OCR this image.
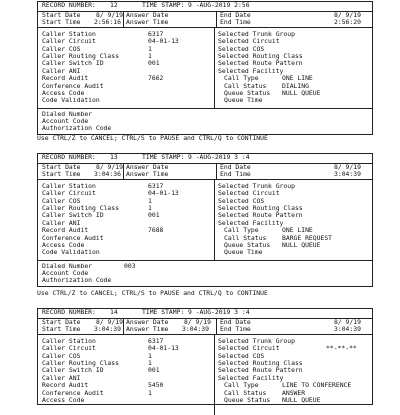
RECORD NUMBER: 12	TIME STAMP: 9 -AUG-2019 2:56
Start Date 8/ 9/19 Answer Date	End Date	8/ 9/19
Start Time 2:56:16 Answer Time	End Time	2:56:20
Caller Station	6317	Selected Trunk Group
Caller Circuit	04-01-13	Selected Circuit
Caller COS	1	Selected COS
Caller Routing Class	1	Selected Routing Class
Caller Switch ID	001	Selected Route Pattern
Caller ANI	Selected Facility
Record Audit	7662	Call Type	ONE LINE
Conference Audit	Call Status DIALING
Access Code	Queue Status NULL QUEUE
Code Validation	Queue Time
Dialed Number
Account Code
Authorization Code
Use CTRL/Z to CANCEL; CTRL/S to PAUSE and CTRL/Q to CONTINUE
RECORD NUMBER: 13	TIME STAMP: 9 -AUG-2019 3 :4
Start Date 8/ 9/19 Answer Date	End Date	8/ 9/19
Start Time 3:04:36 Answer Time	End Time	3:04:39
Caller Station	6317	Selected Trunk Group
Caller Circuit	04-01-13	Selected Circuit
Caller COS	1	Selected COS
Caller Routing Class	1	Selected Routing Class
Caller Switch ID	001	Selected Route Pattern
Caller ANI	Selected Facility
Record Audit	7688	Call Type	ONE LINE
Conference Audit	Call Status BARGE REQUEST
Access Code	Queue Status NULL QUEUE
Code Validation	Queue Time
Dialed Number	003
Account Code
Authorization Code
Use CTRL/Z to CANCEL; CTRL/S to PAUSE and CTRL/Q to CONTINUE
RECORD NUMBER: 14	TIME STAMP: 9 -AUG-2019 3 :4
Start Date 8/ 9/19 Answer Date 8/ 9/19 End Date	8/ 9/19
Start Time 3:04:39 Answer Time 3:04:39 End Time	3:04:39
Caller Station	6317	Selected Trunk Group
Caller Circuit	04-01-13	Selected Circuit	**-**-**
Caller COS	1	Selected COS
Caller Routing Class	1	Selected Routing Class
Caller Switch ID	001	Selected Route Pattern
Caller ANI	Selected Facility
Record Audit	5450	Call Type	LINE TO CONFERENCE
Conference Audit	1	Call Status ANSWER
Access Code	Queue Status NULL QUEUE
